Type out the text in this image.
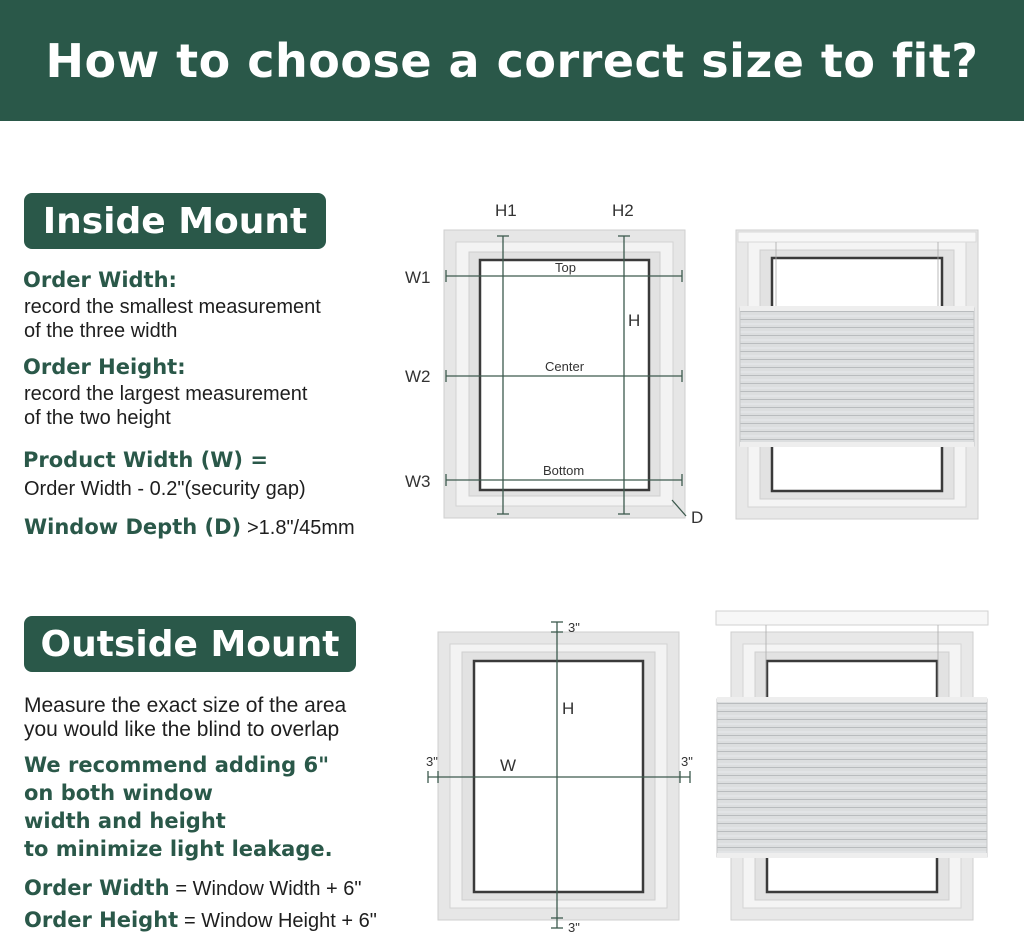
How to choose a correct size to fit?
Inside Mount
Order Width:
record the smallest measurement
of the three width
Order Height:
record the largest measurement
of the two height
Product Width (W) =
Order Width - 0.2"(security gap)
Window Depth (D) >1.8"/45mm
Outside Mount
Measure the exact size of the area
you would like the blind to overlap
We recommend adding 6"
on both window
width and height
to minimize light leakage.
Order Width = Window Width + 6"
Order Height = Window Height + 6"
H1	H2
W1
W2
W3
Top
Center
Bottom
H
D
3"
3"
3"	3"
H
W
